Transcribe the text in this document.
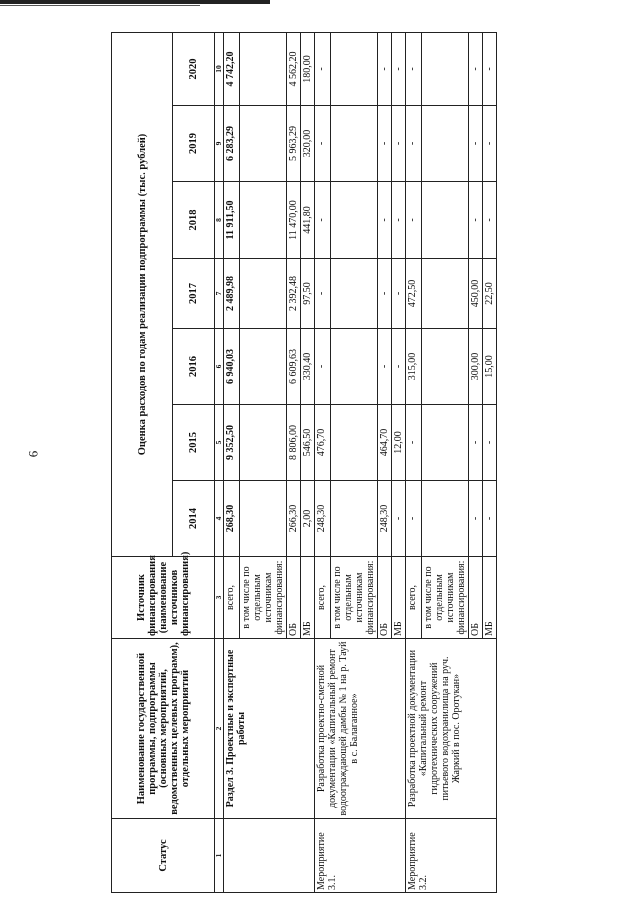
6
Статус	Наименование государственной программы, подпрограммы (основных мероприятий, ведомственных целевых программ), отдельных мероприятий	Источник финансирования (наименование источников финансирования)	Оценка расходов по годам реализации подпрограммы (тыс. рублей)						
			2014	2015	2016	2017	2018	2019	2020
1	2	3	4	5	6	7	8	9	10
	Раздел 3. Проектные и экспертные работы	всего,	268,30	9 352,50	6 940,03	2 489,98	11 911,50	6 283,29	4 742,20
		в том числе по отдельным источникам финансирования:							
		ОБ	266,30	8 806,00	6 609,63	2 392,48	11 470,00	5 963,29	4 562,20
		МБ	2,00	546,50	330,40	97,50	441,80	320,00	180,00
Мероприятие 3.1.	Разработка проектно-сметной документации «Капитальный ремонт водоограждающей дамбы № 1 на р. Тауй в с. Балаганное»	всего,	248,30	476,70	-	-	-	-	-
		в том числе по отдельным источникам финансирования:							
		ОБ	248,30	464,70	-	-	-	-	-
		МБ	-	12,00	-	-	-	-	-
Мероприятие 3.2.	Разработка проектной документации «Капитальный ремонт гидротехнических сооружений питьевого водохранилища на руч. Жаркий в пос. Оротукан»	всего,	-	-	315,00	472,50	-	-	-
		в том числе по отдельным источникам финансирования:							
		ОБ	-	-	300,00	450,00	-	-	-
		МБ	-	-	15,00	22,50	-	-	-
